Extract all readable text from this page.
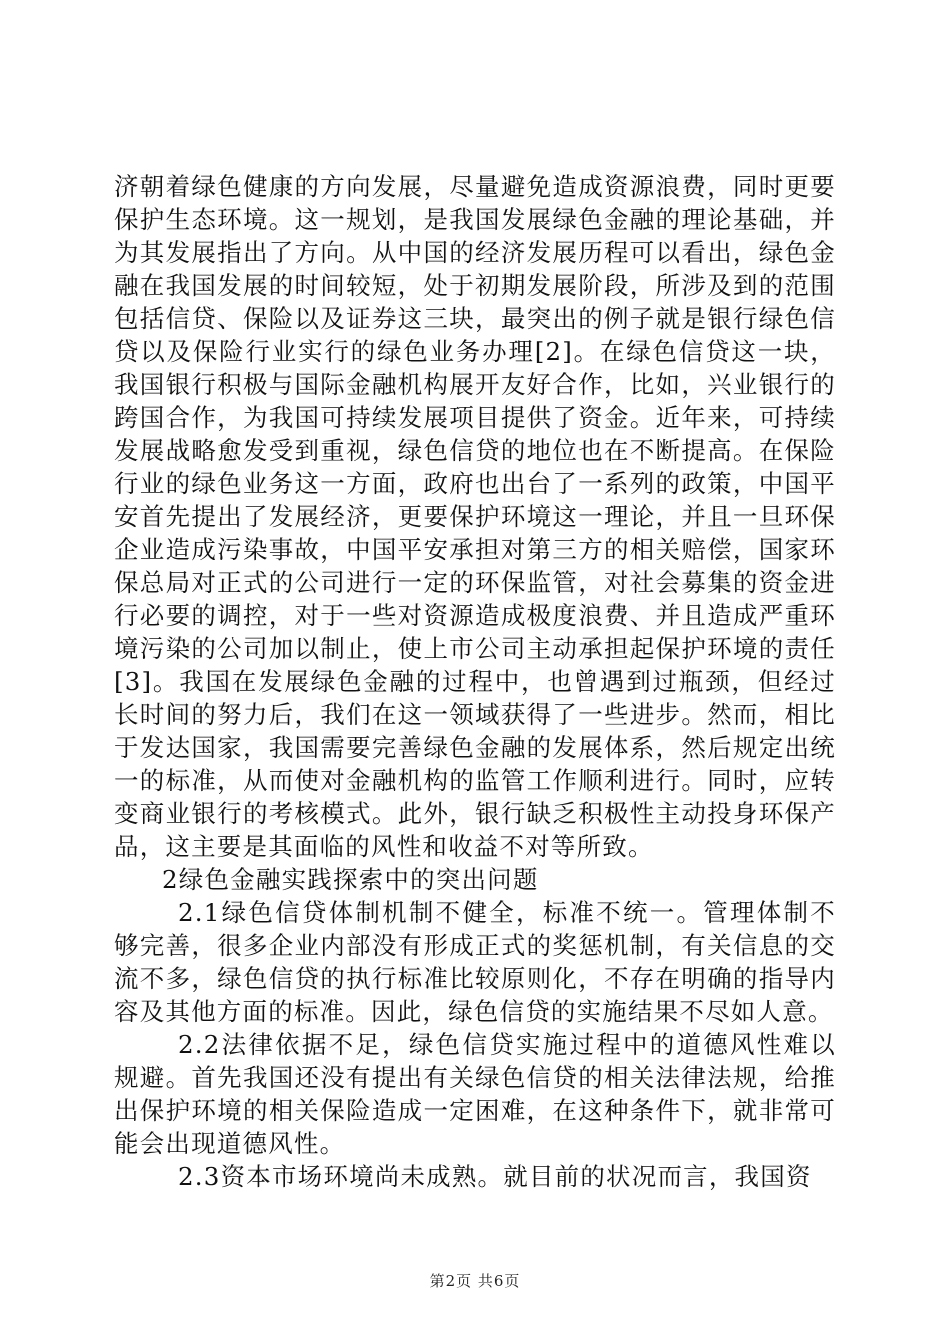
济朝着绿色健康的方向发展，尽量避免造成资源浪费，同时更要保护生态环境。这一规划，是我国发展绿色金融的理论基础，并为其发展指出了方向。从中国的经济发展历程可以看出，绿色金融在我国发展的时间较短，处于初期发展阶段，所涉及到的范围包括信贷、保险以及证券这三块，最突出的例子就是银行绿色信贷以及保险行业实行的绿色业务办理[2]。在绿色信贷这一块，我国银行积极与国际金融机构展开友好合作，比如，兴业银行的跨国合作，为我国可持续发展项目提供了资金。近年来，可持续发展战略愈发受到重视，绿色信贷的地位也在不断提高。在保险行业的绿色业务这一方面，政府也出台了一系列的政策，中国平安首先提出了发展经济，更要保护环境这一理论，并且一旦环保企业造成污染事故，中国平安承担对第三方的相关赔偿，国家环保总局对正式的公司进行一定的环保监管，对社会募集的资金进行必要的调控，对于一些对资源造成极度浪费、并且造成严重环境污染的公司加以制止，使上市公司主动承担起保护环境的责任[3]。我国在发展绿色金融的过程中，也曾遇到过瓶颈，但经过长时间的努力后，我们在这一领域获得了一些进步。然而，相比于发达国家，我国需要完善绿色金融的发展体系，然后规定出统一的标准，从而使对金融机构的监管工作顺利进行。同时，应转变商业银行的考核模式。此外，银行缺乏积极性主动投身环保产品，这主要是其面临的风性和收益不对等所致。

2绿色金融实践探索中的突出问题

2.1绿色信贷体制机制不健全，标准不统一。管理体制不够完善，很多企业内部没有形成正式的奖惩机制，有关信息的交流不多，绿色信贷的执行标准比较原则化，不存在明确的指导内容及其他方面的标准。因此，绿色信贷的实施结果不尽如人意。

2.2法律依据不足，绿色信贷实施过程中的道德风性难以规避。首先我国还没有提出有关绿色信贷的相关法律法规，给推出保护环境的相关保险造成一定困难，在这种条件下，就非常可能会出现道德风性。

2.3资本市场环境尚未成熟。就目前的状况而言，我国资

第2页 共6页
